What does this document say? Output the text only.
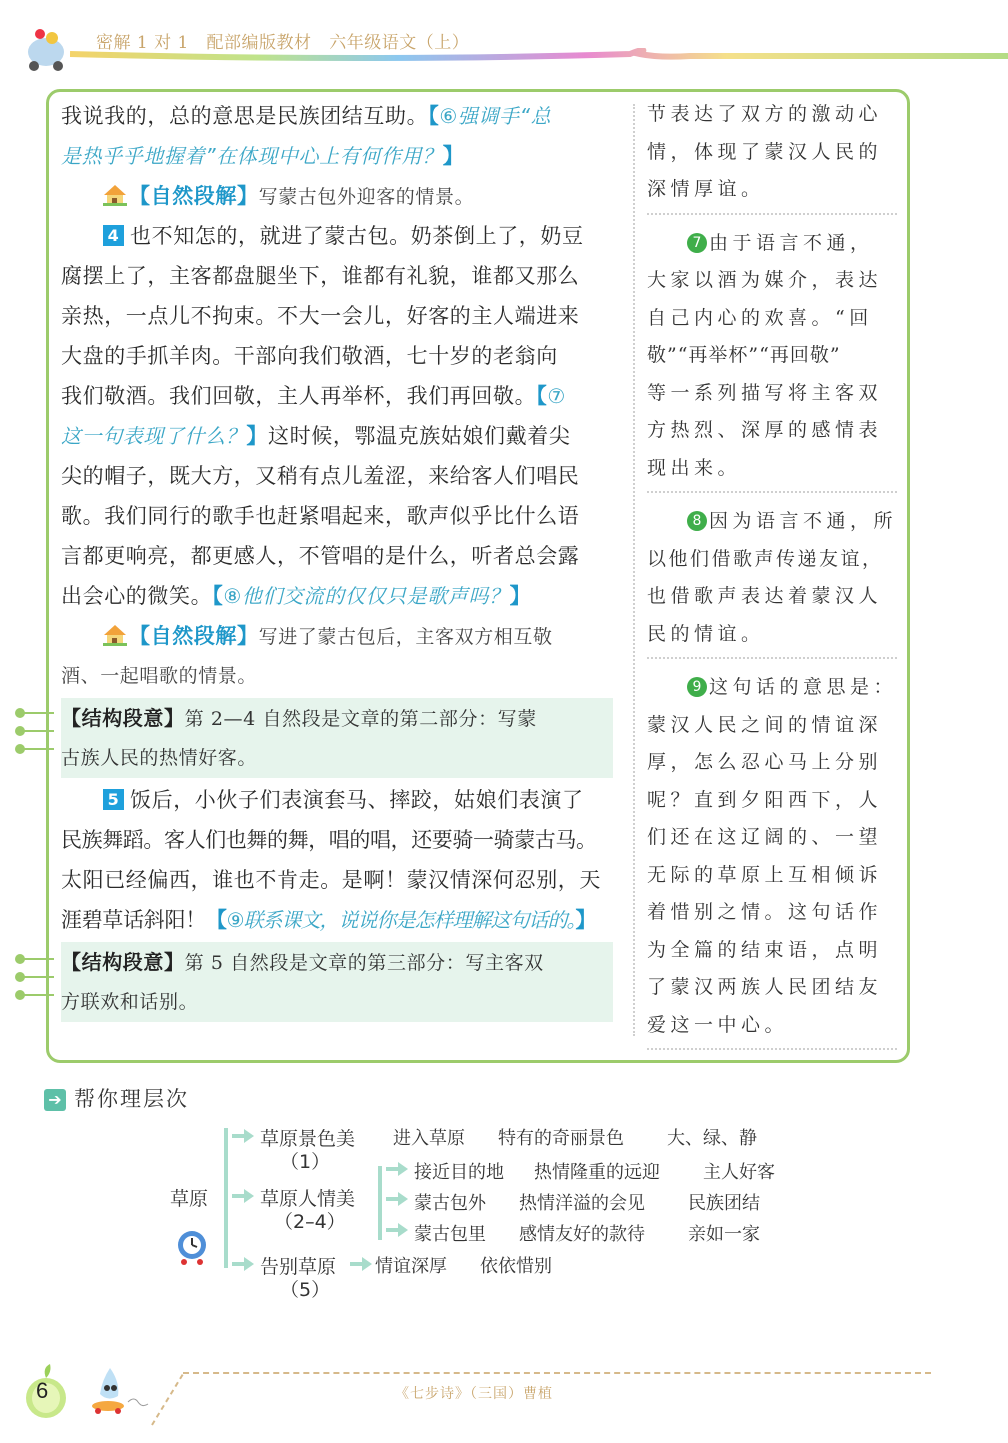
密解 1 对 1   配部编版教材   六年级语文（上）
我说我的，总的意思是民族团结互助。【⑥强调手“总
是热乎乎地握着”在体现中心上有何作用？】
【自然段解】写蒙古包外迎客的情景。
4 也不知怎的，就进了蒙古包。奶茶倒上了，奶豆
腐摆上了，主客都盘腿坐下，谁都有礼貌，谁都又那么
亲热，一点儿不拘束。不大一会儿，好客的主人端进来
大盘的手抓羊肉。干部向我们敬酒，七十岁的老翁向
我们敬酒。我们回敬，主人再举杯，我们再回敬。【⑦
这一句表现了什么？】这时候，鄂温克族姑娘们戴着尖
尖的帽子，既大方，又稍有点儿羞涩，来给客人们唱民
歌。我们同行的歌手也赶紧唱起来，歌声似乎比什么语
言都更响亮，都更感人，不管唱的是什么，听者总会露
出会心的微笑。【⑧他们交流的仅仅只是歌声吗？】
【自然段解】写进了蒙古包后，主客双方相互敬
酒、一起唱歌的情景。
【结构段意】第 2—4 自然段是文章的第二部分：写蒙
古族人民的热情好客。
5 饭后，小伙子们表演套马、摔跤，姑娘们表演了
民族舞蹈。客人们也舞的舞，唱的唱，还要骑一骑蒙古马。
太阳已经偏西，谁也不肯走。是啊！蒙汉情深何忍别，天
涯碧草话斜阳！【⑨联系课文，说说你是怎样理解这句话的。】
【结构段意】第 5 自然段是文章的第三部分：写主客双
方联欢和话别。
节表达了双方的激动心
情，体现了蒙汉人民的
深情厚谊。
7 由于语言不通，
大家以酒为媒介，表达
自己内心的欢喜。“回
敬”“再举杯”“再回敬”
等一系列描写将主客双
方热烈、深厚的感情表
现出来。
8 因为语言不通，所
以他们借歌声传递友谊，
也借歌声表达着蒙汉人
民的情谊。
9 这句话的意思是：
蒙汉人民之间的情谊深
厚，怎么忍心马上分别
呢？直到夕阳西下，人
们还在这辽阔的、一望
无际的草原上互相倾诉
着惜别之情。这句话作
为全篇的结束语，点明
了蒙汉两族人民团结友
爱这一中心。
➔ 帮你理层次
草原
草原景色美
（1）
进入草原 特有的奇丽景色 大、绿、静
草原人情美
（2–4）
接近目的地 热情隆重的远迎 主人好客
蒙古包外 热情洋溢的会见 民族团结
蒙古包里 感情友好的款待 亲如一家
告别草原
（5）
情谊深厚 依依惜别
6	《七步诗》（三国）曹植
